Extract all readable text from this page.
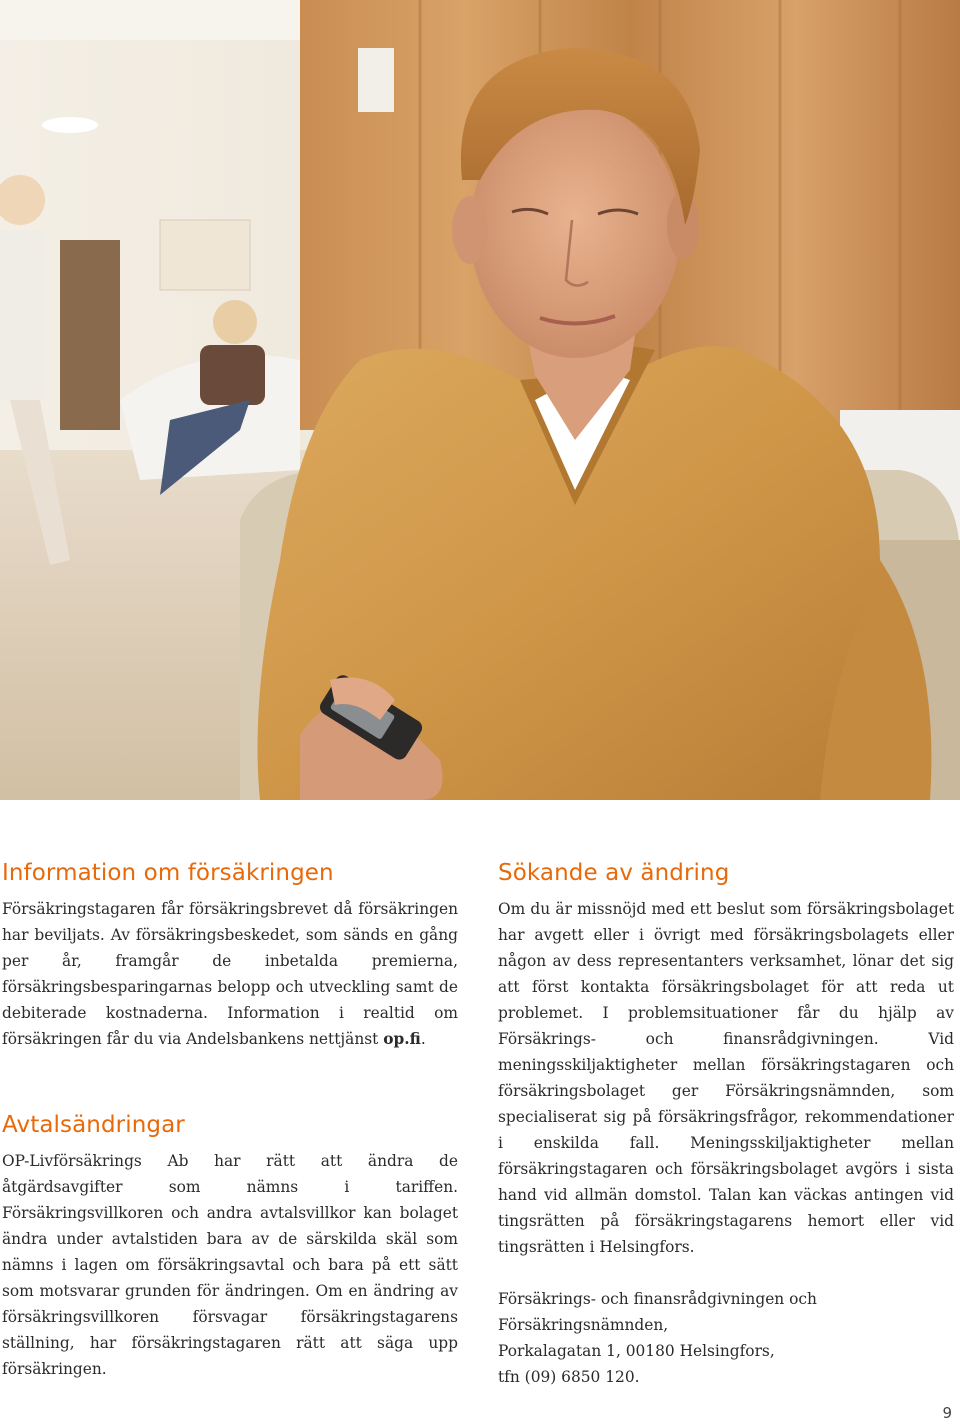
Information om försäkringen

Försäkringstagaren får försäkringsbrevet då försäkringen har beviljats. Av försäkringsbeskedet, som sänds en gång per år, framgår de inbetalda premierna, försäkringsbesparingarnas belopp och utveckling samt de debiterade kostnaderna. Information i realtid om försäkringen får du via Andelsbankens nettjänst op.fi.

Avtalsändringar

OP-Livförsäkrings Ab har rätt att ändra de åtgärdsavgifter som nämns i tariffen. Försäkringsvillkoren och andra avtalsvillkor kan bolaget ändra under avtalstiden bara av de särskilda skäl som nämns i lagen om försäkringsavtal och bara på ett sätt som motsvarar grunden för ändringen. Om en ändring av försäkringsvillkoren försvagar försäkringstagarens ställning, har försäkringstagaren rätt att säga upp försäkringen.

Sökande av ändring

Om du är missnöjd med ett beslut som försäkringsbolaget har avgett eller i övrigt med försäkringsbolagets eller någon av dess representanters verksamhet, lönar det sig att först kontakta försäkringsbolaget för att reda ut problemet. I problemsituationer får du hjälp av Försäkrings- och finansrådgivningen. Vid meningsskiljaktigheter mellan försäkringstagaren och försäkringsbolaget ger Försäkringsnämnden, som specialiserat sig på försäkringsfrågor, rekommendationer i enskilda fall. Meningsskiljaktigheter mellan försäkringstagaren och försäkringsbolaget avgörs i sista hand vid allmän domstol. Talan kan väckas antingen vid tingsrätten på försäkringstagarens hemort eller vid tingsrätten i Helsingfors.

Försäkrings- och finansrådgivningen och
Försäkringsnämnden,
Porkalagatan 1, 00180 Helsingfors,
tfn (09) 6850 120.
9
